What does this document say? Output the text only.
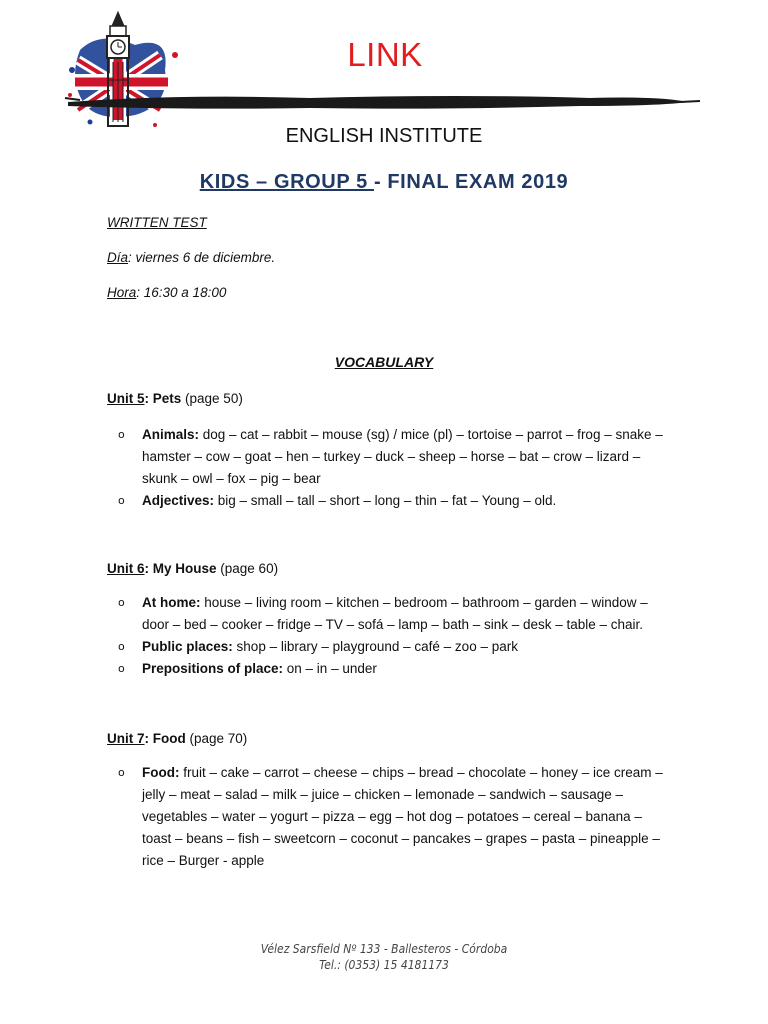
LINK
ENGLISH INSTITUTE
KIDS – GROUP 5 - FINAL EXAM 2019
WRITTEN TEST
Día: viernes 6 de diciembre.
Hora: 16:30 a 18:00
VOCABULARY
Unit 5: Pets (page 50)
o Animals: dog – cat – rabbit – mouse (sg) / mice (pl) – tortoise – parrot – frog – snake – hamster – cow – goat – hen – turkey – duck – sheep – horse – bat – crow – lizard – skunk – owl – fox – pig – bear
o Adjectives: big – small – tall – short – long – thin – fat – Young – old.
Unit 6: My House (page 60)
o At home: house – living room – kitchen – bedroom – bathroom – garden – window – door – bed – cooker – fridge – TV – sofá – lamp – bath – sink – desk – table – chair.
o Public places: shop – library – playground – café – zoo – park
o Prepositions of place: on – in – under
Unit 7: Food (page 70)
o Food: fruit – cake – carrot – cheese – chips – bread – chocolate – honey – ice cream – jelly – meat – salad – milk – juice – chicken – lemonade – sandwich – sausage – vegetables – water – yogurt – pizza – egg – hot dog – potatoes – cereal – banana – toast – beans – fish – sweetcorn – coconut – pancakes – grapes – pasta – pineapple – rice – Burger - apple
Vélez Sarsfield Nº 133 - Ballesteros - Córdoba
Tel.: (0353) 15 4181173
